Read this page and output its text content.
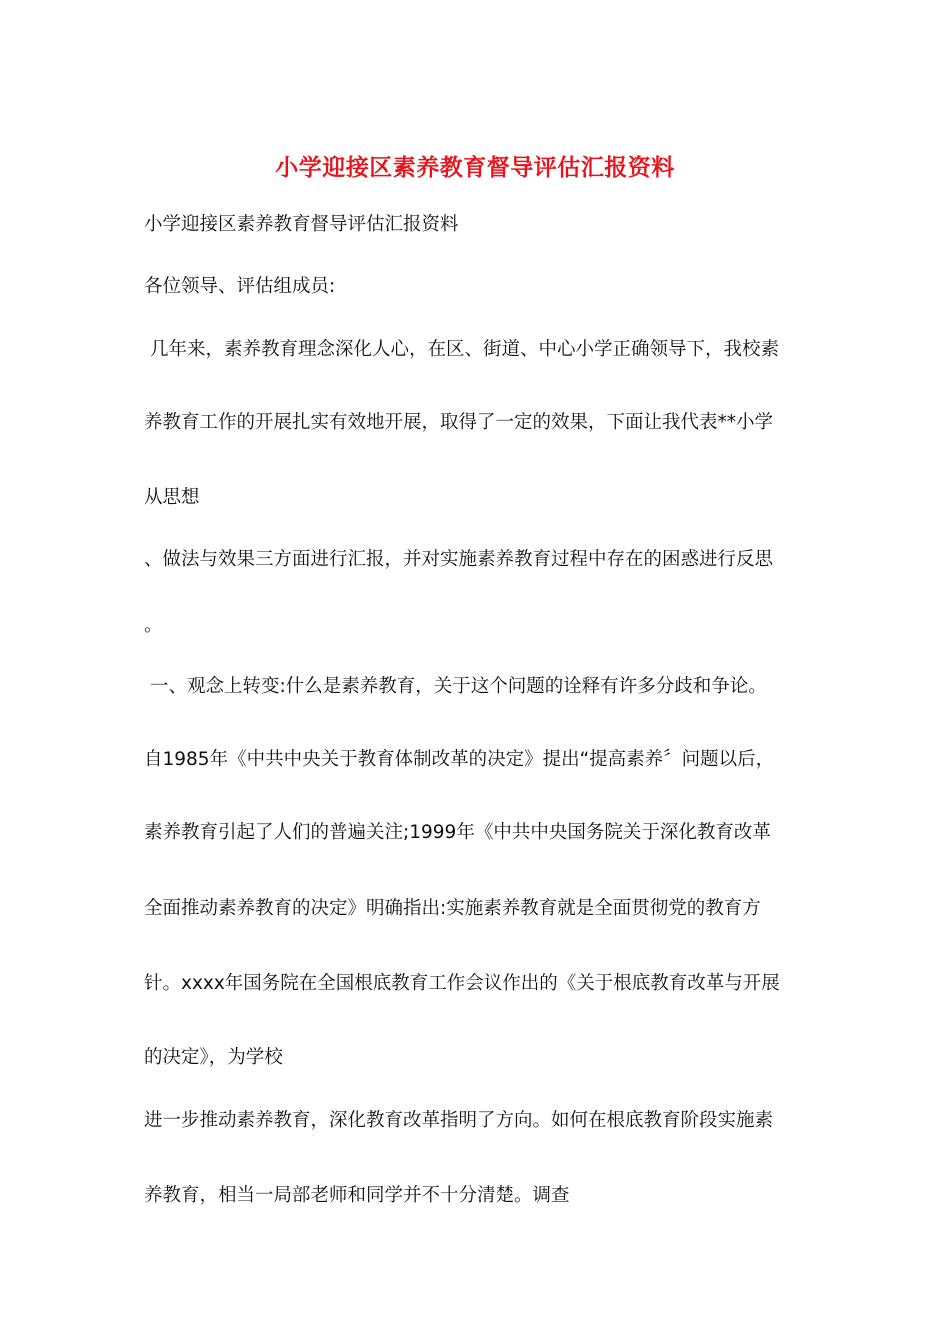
小学迎接区素养教育督导评估汇报资料
小学迎接区素养教育督导评估汇报资料
各位领导、评估组成员:
几年来，素养教育理念深化人心，在区、街道、中心小学正确领导下，我校素
养教育工作的开展扎实有效地开展，取得了一定的效果，下面让我代表**小学
从思想
、做法与效果三方面进行汇报，并对实施素养教育过程中存在的困惑进行反思
。
一、观念上转变:什么是素养教育，关于这个问题的诠释有许多分歧和争论。
自1985年《中共中央关于教育体制改革的决定》提出“提高素养〞问题以后，
素养教育引起了人们的普遍关注;1999年《中共中央国务院关于深化教育改革
全面推动素养教育的决定》明确指出:实施素养教育就是全面贯彻党的教育方
针。xxxx年国务院在全国根底教育工作会议作出的《关于根底教育改革与开展
的决定》，为学校
进一步推动素养教育，深化教育改革指明了方向。如何在根底教育阶段实施素
养教育，相当一局部老师和同学并不十分清楚。调查
